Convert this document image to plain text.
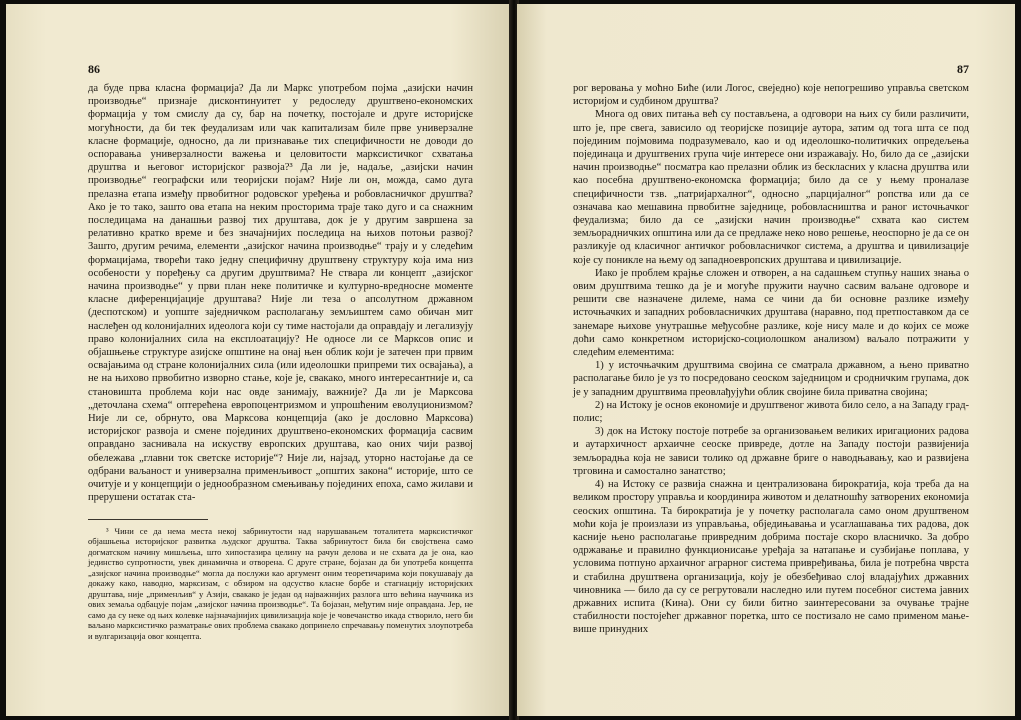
86

да буде прва класна формација? Да ли Маркс употребом појма „азијски начин производње“ признаје дисконтинуитет у редоследу друштвено-економских формација у том смислу да су, бар на почетку, постојале и друге историјске могућности, да би тек феудализам или чак капитализам биле прве универзалне класне формације, односно, да ли признавање тих специфичности не доводи до оспоравања универзалности важења и целовитости марксистичког схватања друштва и његовог историјског развоја?³ Да ли је, надаље, „азијски начин производње“ географски или теоријски појам? Није ли он, можда, само дуга прелазна етапа између првобитног родовског уређења и робовласничког друштва? Ако је то тако, зашто ова етапа на неким просторима траје тако дуго и са снажним последицама на данашњи развој тих друштава, док је у другим завршена за релативно кратко време и без значајнијих последица на њихов потоњи развој? Зашто, другим речима, елементи „азијског начина производње“ трају и у следећим формацијама, творећи тако једну специфичну друштвену структуру која има низ особености у поређењу са другим друштвима? Не стварa ли концепт „азијског начина производње“ у први план неке политичке и културно-вредносне моменте класне диференцијације друштава? Није ли теза о апсолутном државном (деспотском) и уопште заједничком располагању земљиштем само обичан мит наслеђен од колонијалних идеолога који су тиме настојали да оправдају и легализују право колонијалних сила на експлоатацију? Не односе ли се Марксов опис и објашњење структуре азијске општине на онај њен облик који је затечен при првим освајањима од стране колонијалних сила (или идеолошки припреми тих освајања), а не на њихово првобитно изворно стање, које је, свакако, много интересантније и, са становишта проблема који нас овде занимају, важније? Да ли је Марксова „деточлана схема“ оптерећена европоцентризмом и упрошћеним еволуционизмом? Није ли се, обрнуто, ова Марксова концепција (ако је дословно Марксова) историјског развоја и смене појединих друштвено-економских формација сасвим оправдано заснивала на искуству европских друштава, као оних чији развој обележава „главни ток светске историје“? Није ли, најзад, уторно настојање да се одбрани ваљаност и универзална применљивост „општих закона“ историје, што се очитује и у концепцији о једнообразном смењивању појединих епоха, само жилави и прерушени остатак ста-

³ Чини се да нема места некој забринутости над нарушавањем тоталитета марксистичког објашњења историјског развитка људског друштва. Таква забринутост била би својствена само догматском начину мишљења, што хипостазира целину на рачун делова и не схвата да је она, као јединство супротности, увек динамична и отворена. С друге стране, бојазан да би употреба концепта „азијског начина производње“ могла да послужи као аргумент оним теоретичарима који покушавају да докажу како, наводно, марксизам, с обзиром на одсуство класне борбе и стагнацију историјских друштава, није „применљив“ у Азији, свакако је један од најважнијих разлога што већина научника из ових земаља одбацује појам „азијског начина производње“. Та бојазан, међутим није оправдана. Јер, не само да су неке од њих колевке најзначајнијих цивилизација које је човечанство икада створило, него би ваљано марксистичко разматрање ових проблема свакако допринело спречавању поменутих злоупотреба и вулгаризација овог концепта.

87

рог веровања у моћно Биће (или Логос, свеједно) које непогрешиво управља светском историјом и судбином друштва?

Многа од ових питања већ су постављена, а одговори на њих су били различити, што је, пре свега, зависило од теоријске позиције аутора, затим од тога шта се под појединим појмовима подразумевало, као и од идеолошко-политичких опредељења појединаца и друштвених група чије интересе они изражавају. Но, било да се „азијски начин производње“ посматра као прелазни облик из бескласних у класна друштва или као посебна друштвено-економска формација; било да се у њему проналазе специфичности тзв. „патријархалног“, односно „парцијалног“ ропства или да се означава као мешавина првобитне заједнице, робовласништва и раног источњачког феудализма; било да се „азијски начин производње“ схвата као систем земљорадничких општина или да се предлаже неко ново решење, неоспорно је да се он разликује од класичног античког робовласничког система, а друштва и цивилизације које су поникле на њему од западноевропских друштава и цивилизације.

Иако је проблем крајње сложен и отворен, а на садашњем ступњу наших знања о овим друштвима тешко да је и могуће пружити научно сасвим ваљане одговоре и решити све назначене дилеме, нама се чини да би основне разлике између источњачких и западних робовласничких друштава (наравно, под претпоставком да се занемаре њихове унутрашње међусобне разлике, које нису мале и до којих се може доћи само конкретном историјско-социолошком анализом) ваљало потражити у следећим елементима:

1) у источњачким друштвима својина се сматрала државном, а њено приватно располагање било је уз то посредовано сеоском заједницом и сродничким групама, док је у западним друштвима преовлађујући облик својине била приватна својина;

2) на Истоку је основ економије и друштвеног живота било село, а на Западу град-полис;

3) док на Истоку постоје потребе за организовањем великих иригационих радова и аутархичност архаичне сеоске привреде, дотле на Западу постоји развијенија земљорадња која не зависи толико од државне бриге о наводњавању, као и развијена трговина и самостално занатство;

4) на Истоку се развија снажна и централизована бирократија, која треба да на великом простору управља и координира животом и делатношћу затворених економија сеоских општина. Та бирократија је у почетку располагала само оном друштвеном моћи која је произлази из управљања, обједињавања и усаглашавања тих радова, док касније њено располагање привредним добрима постаје скоро власничко. За добро одржавање и правилно функционисање уређаја за натапање и сузбијање поплава, у условима потпуно архаичног аграрног система привређивања, била је потребна чврста и стабилна друштвена организација, коју је обезбеђивао слој владајућих државних чиновника — било да су се регрутовали наследно или путем посебног система јавних државних испита (Кина). Они су били битно заинтересовани за очување трајне стабилности постојећег државног поретка, што се постизало не само применом мање-више принудних
